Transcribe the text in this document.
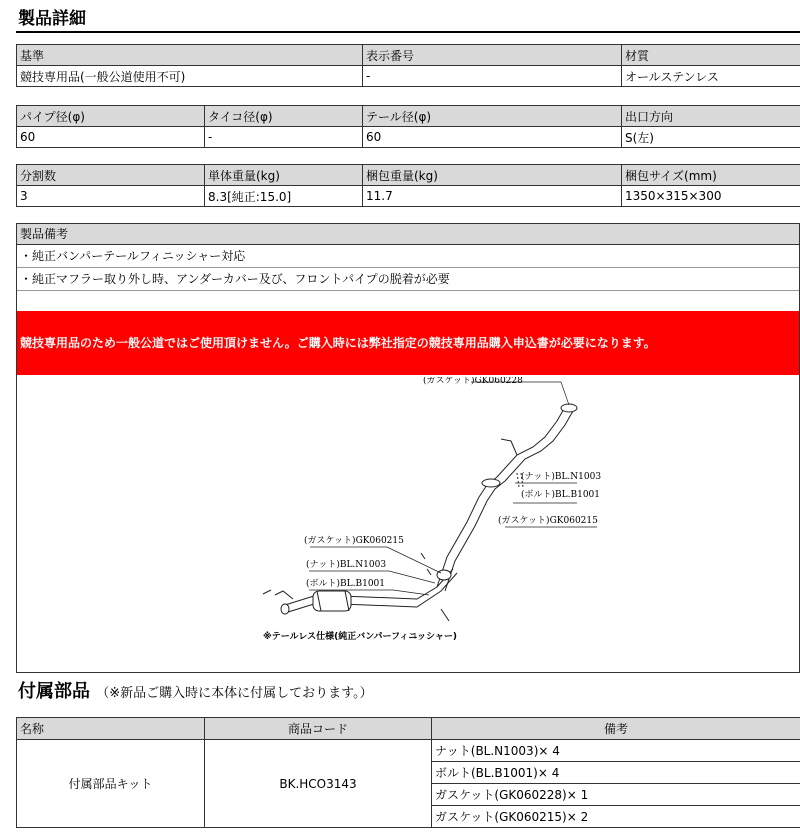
製品詳細
基準	表示番号	材質
競技専用品(一般公道使用不可)	-	オールステンレス
パイプ径(φ)	タイコ径(φ)	テール径(φ)	出口方向
60	-	60	S(左)
分割数	単体重量(kg)	梱包重量(kg)	梱包サイズ(mm)
3	8.3[純正:15.0]	11.7	1350×315×300
製品備考
・純正バンパーテールフィニッシャー対応
・純正マフラー取り外し時、アンダーカバー及び、フロントパイプの脱着が必要
競技専用品のため一般公道ではご使用頂けません。ご購入時には弊社指定の競技専用品購入申込書が必要になります。
(ガスケット)GK060228
(ガスケット)GK060215
(ナット)BL.N1003
(ボルト)BL.B1001
(ナット)BL.N1003
(ボルト)BL.B1001
(ガスケット)GK060215
※テールレス仕様(純正バンパーフィニッシャー)
付属部品 （※新品ご購入時に本体に付属しております。）
名称	商品コード	備考
付属部品キット	BK.HCO3143	ナット(BL.N1003)× 4
		ボルト(BL.B1001)× 4
		ガスケット(GK060228)× 1
		ガスケット(GK060215)× 2
